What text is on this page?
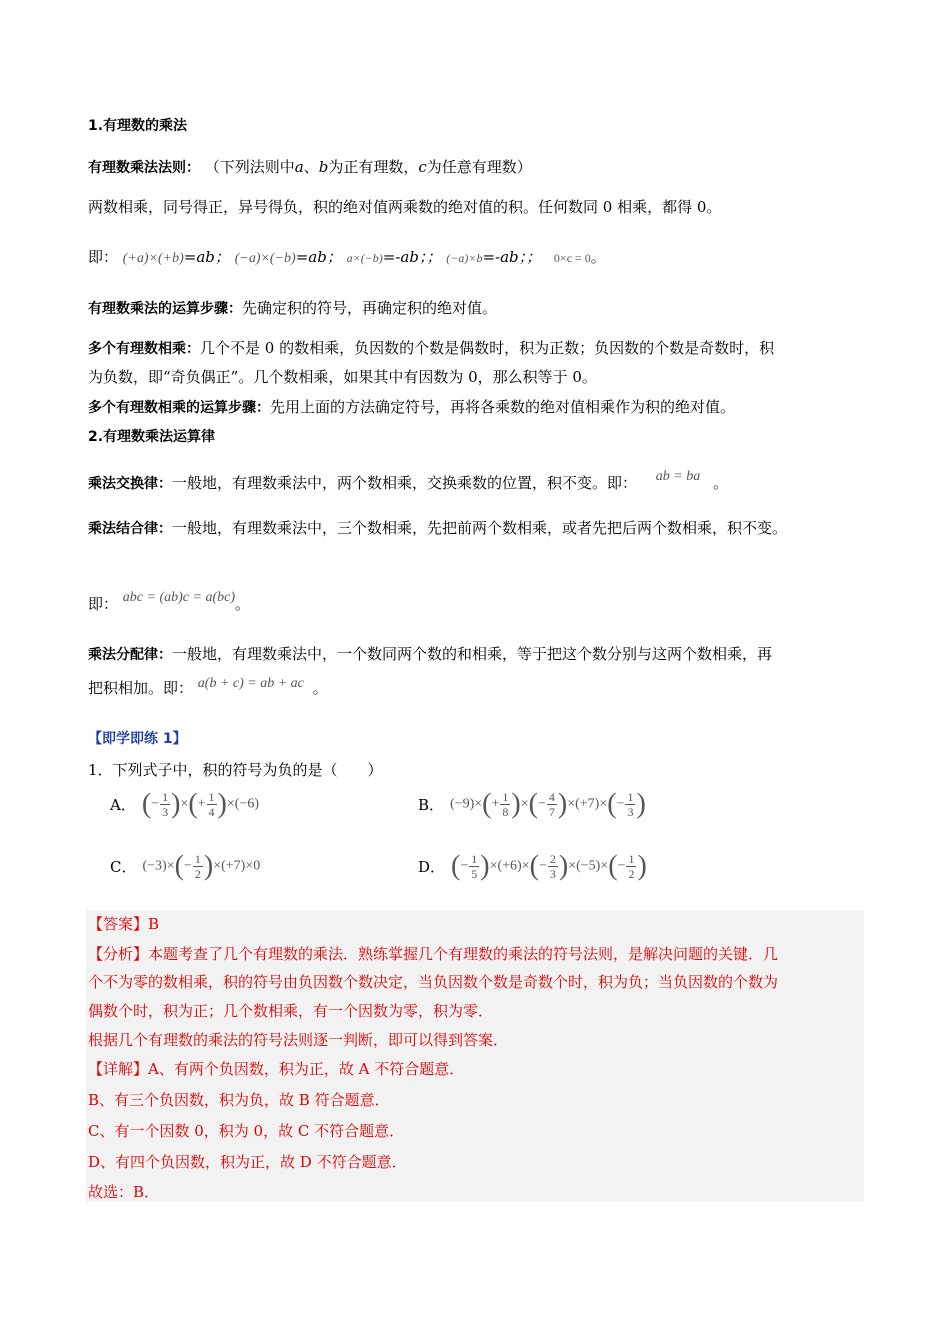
1.有理数的乘法
有理数乘法法则： （下列法则中a、b为正有理数，c为任意有理数）
两数相乘，同号得正，异号得负，积的绝对值两乘数的绝对值的积。任何数同 0 相乘，都得 0。
即： (+a)×(+b)=ab； (−a)×(−b)=ab； a×(−b)=-ab；； (−a)×b=-ab；； 0×c = 0。
有理数乘法的运算步骤：先确定积的符号，再确定积的绝对值。
多个有理数相乘：几个不是 0 的数相乘，负因数的个数是偶数时，积为正数；负因数的个数是奇数时，积
为负数，即“奇负偶正”。几个数相乘，如果其中有因数为 0，那么积等于 0。
多个有理数相乘的运算步骤：先用上面的方法确定符号，再将各乘数的绝对值相乘作为积的绝对值。
2.有理数乘法运算律
乘法交换律：一般地，有理数乘法中，两个数相乘，交换乘数的位置，积不变。即： ab = ba 。
乘法结合律：一般地，有理数乘法中，三个数相乘，先把前两个数相乘，或者先把后两个数相乘，积不变。
即： abc = (ab)c = a(bc)。
乘法分配律：一般地，有理数乘法中，一个数同两个数的和相乘，等于把这个数分别与这两个数相乘，再
把积相加。即： a(b + c) = ab + ac 。
【即学即练 1】
1．下列式子中，积的符号为负的是（　　）
A． (− $\frac{1}{3}$ )×(+ $\frac{1}{4} )\times(-6)$	B． $(-9)\times(+ \frac{1}{8}$ )×(− $\frac{4}{7} )\times(+7)\times(- \frac{1}{3}$ )
C． $(-3)\times(- \frac{1}{2} )\times(+7)\times 0$	D． (− $\frac{1}{5} )\times(+6)\times(- \frac{2}{3} )\times(-5)\times(- \frac{1}{2}$ )
【答案】B
【分析】本题考查了几个有理数的乘法．熟练掌握几个有理数的乘法的符号法则，是解决问题的关键．几
个不为零的数相乘，积的符号由负因数个数决定，当负因数个数是奇数个时，积为负；当负因数的个数为
偶数个时，积为正；几个数相乘，有一个因数为零，积为零．
根据几个有理数的乘法的符号法则逐一判断，即可以得到答案．
【详解】A、有两个负因数，积为正，故 A 不符合题意．
B、有三个负因数，积为负，故 B 符合题意．
C、有一个因数 0，积为 0，故 C 不符合题意．
D、有四个负因数，积为正，故 D 不符合题意．
故选：B．
